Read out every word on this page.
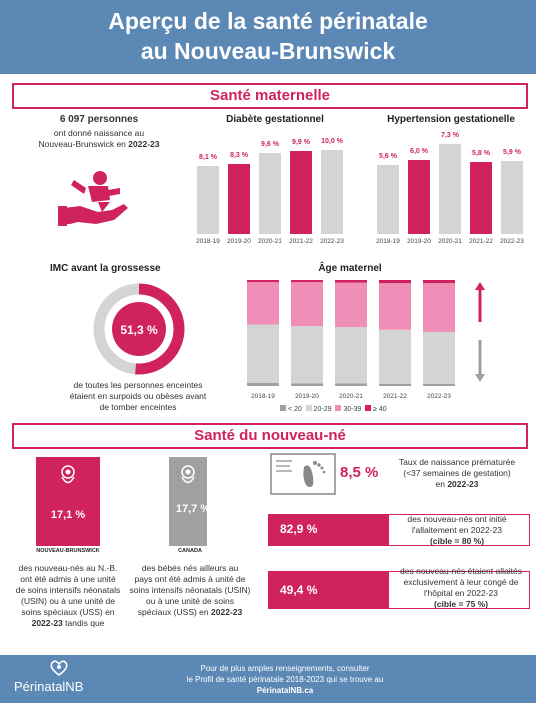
Aperçu de la santé périnatale
au Nouveau-Brunswick
Santé maternelle
6 097 personnes
ont donné naissance au
Nouveau-Brunswick en 2022-23
Diabète gestationnel
8,1 %
2018-19
8,3 %
2019-20
9,6 %
2020-21
9,9 %
2021-22
10,0 %
2022-23
Hypertension gestationelle
5,6 %
2018-19
6,0 %
2019-20
7,3 %
2020-21
5,8 %
2021-22
5,9 %
2022-23
IMC avant la grossesse
51,3 %
de toutes les personnes enceintes
étaient en surpoids ou obèses avant
de tomber enceintes
Âge maternel
2018-19	2019-20	2020-21	2021-22	2022-23
< 20 20-29 30-39 ≥ 40
Santé du nouveau-né
17,1 %
NOUVEAU-BRUNSWICK
des nouveau-nés au N.-B.
ont été admis à une unité
de soins intensifs néonatals
(USIN) ou à une unité de
soins spéciaux (USS) en
2022-23 tandis que
17,7 %
CANADA
des bébés nés ailleurs au
pays ont été admis à unité de
soins intensifs néonatals (USIN)
ou à une unité de soins
spéciaux (USS) en 2022-23
8,5 %
Taux de naissance prématurée
(<37 semaines de gestation)
en 2022-23
82,9 %
des nouveau-nés ont initié
l'allaitement en 2022-23
(cible = 80 %)
49,4 %
des nouveau-nés étaient allaités
exclusivement à leur congé de
l'hôpital en 2022-23
(cible = 75 %)
PérinatalNB
Pour de plus amples renseignements, consulter
le Profil de santé périnatale 2018-2023 qui se trouve au
PérinatalNB.ca
